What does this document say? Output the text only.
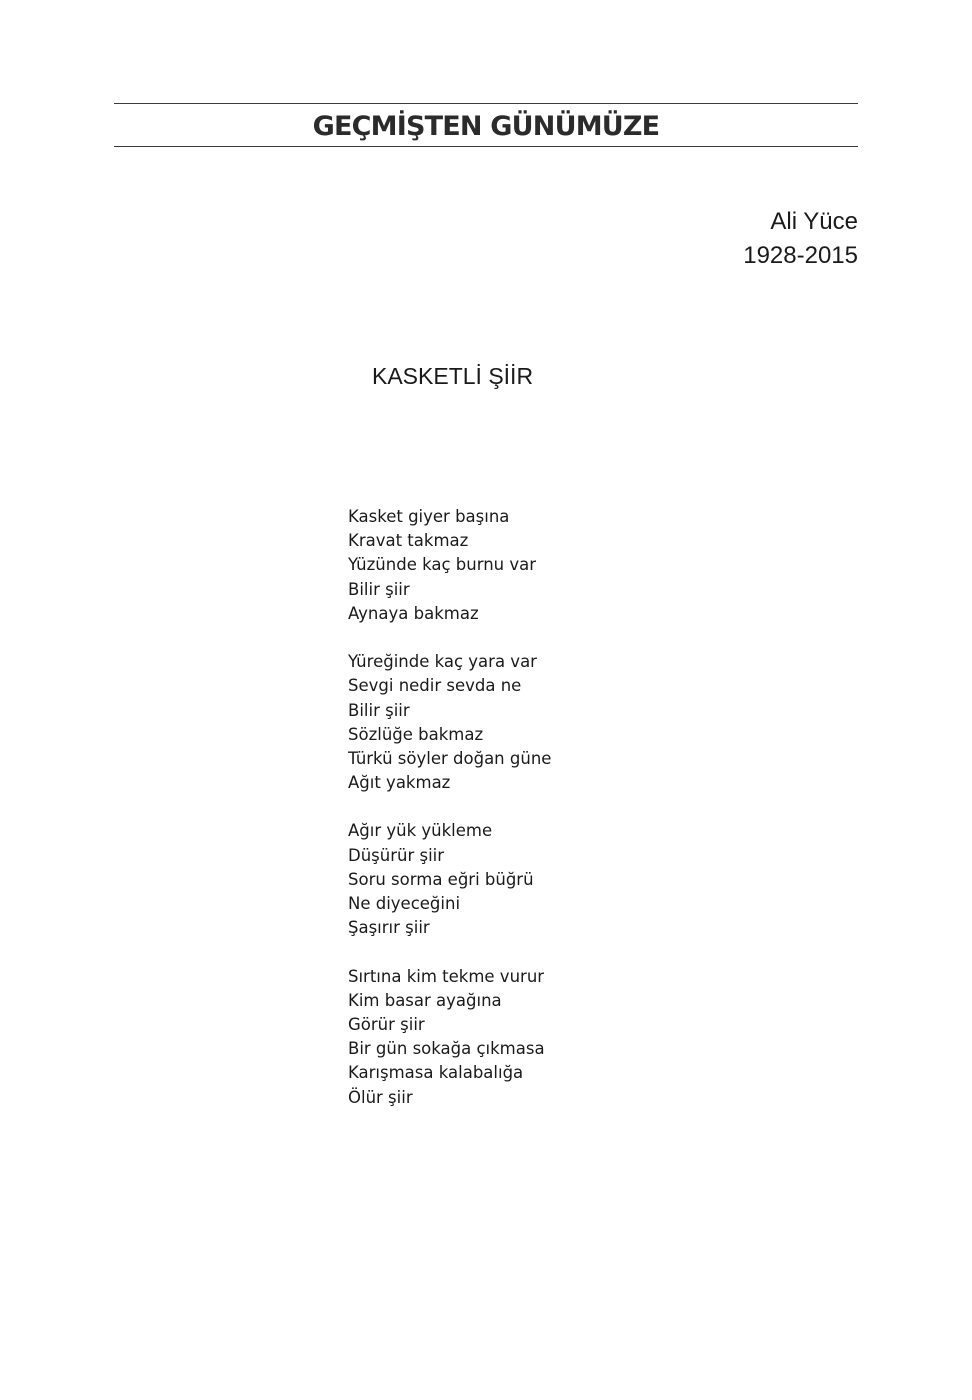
GEÇMİŞTEN GÜNÜMÜZE
Ali Yüce
1928-2015
KASKETLİ ŞİİR
Kasket giyer başına
Kravat takmaz
Yüzünde kaç burnu var
Bilir şiir
Aynaya bakmaz
Yüreğinde kaç yara var
Sevgi nedir sevda ne
Bilir şiir
Sözlüğe bakmaz
Türkü söyler doğan güne
Ağıt yakmaz
Ağır yük yükleme
Düşürür şiir
Soru sorma eğri büğrü
Ne diyeceğini
Şaşırır şiir
Sırtına kim tekme vurur
Kim basar ayağına
Görür şiir
Bir gün sokağa çıkmasa
Karışmasa kalabalığa
Ölür şiir
